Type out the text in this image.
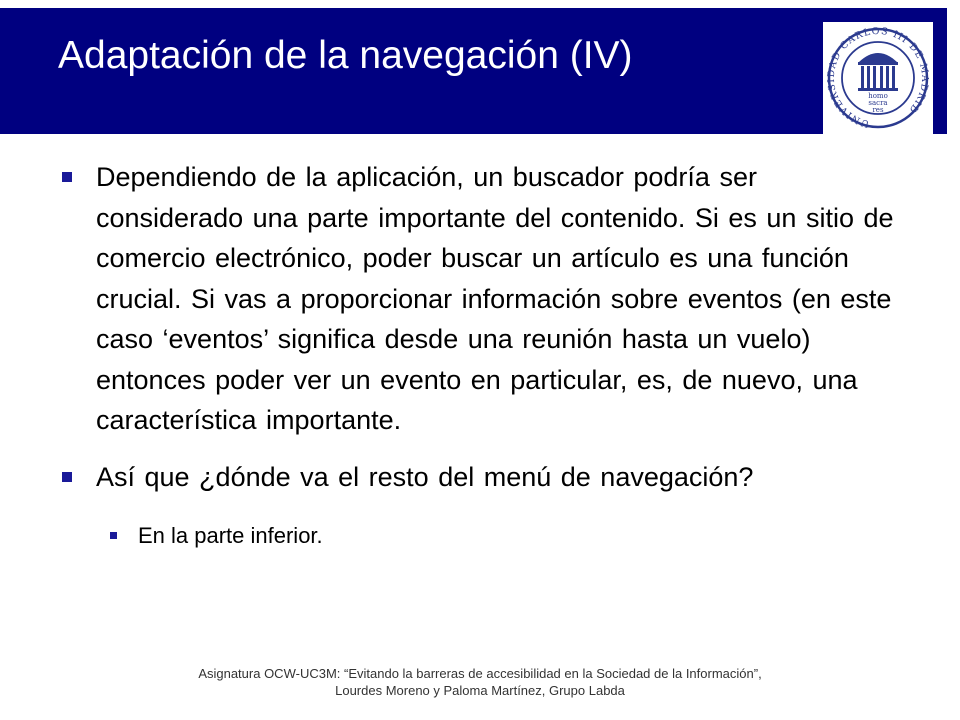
Adaptación de la navegación (IV)
UNIVERSIDAD CARLOS III DE MADRID
homo
sacra
res
Dependiendo de la aplicación, un buscador podría ser considerado una parte importante del contenido. Si es un sitio de comercio electrónico, poder buscar un artículo es una función crucial. Si vas a proporcionar información sobre eventos (en este caso ‘eventos’ significa desde una reunión hasta un vuelo) entonces poder ver un evento en particular, es, de nuevo, una característica importante.
Así que ¿dónde va el resto del menú de navegación?
En la parte inferior.
Asignatura OCW-UC3M: “Evitando la barreras de accesibilidad en la Sociedad de la Información”,
Lourdes Moreno y Paloma Martínez, Grupo Labda
